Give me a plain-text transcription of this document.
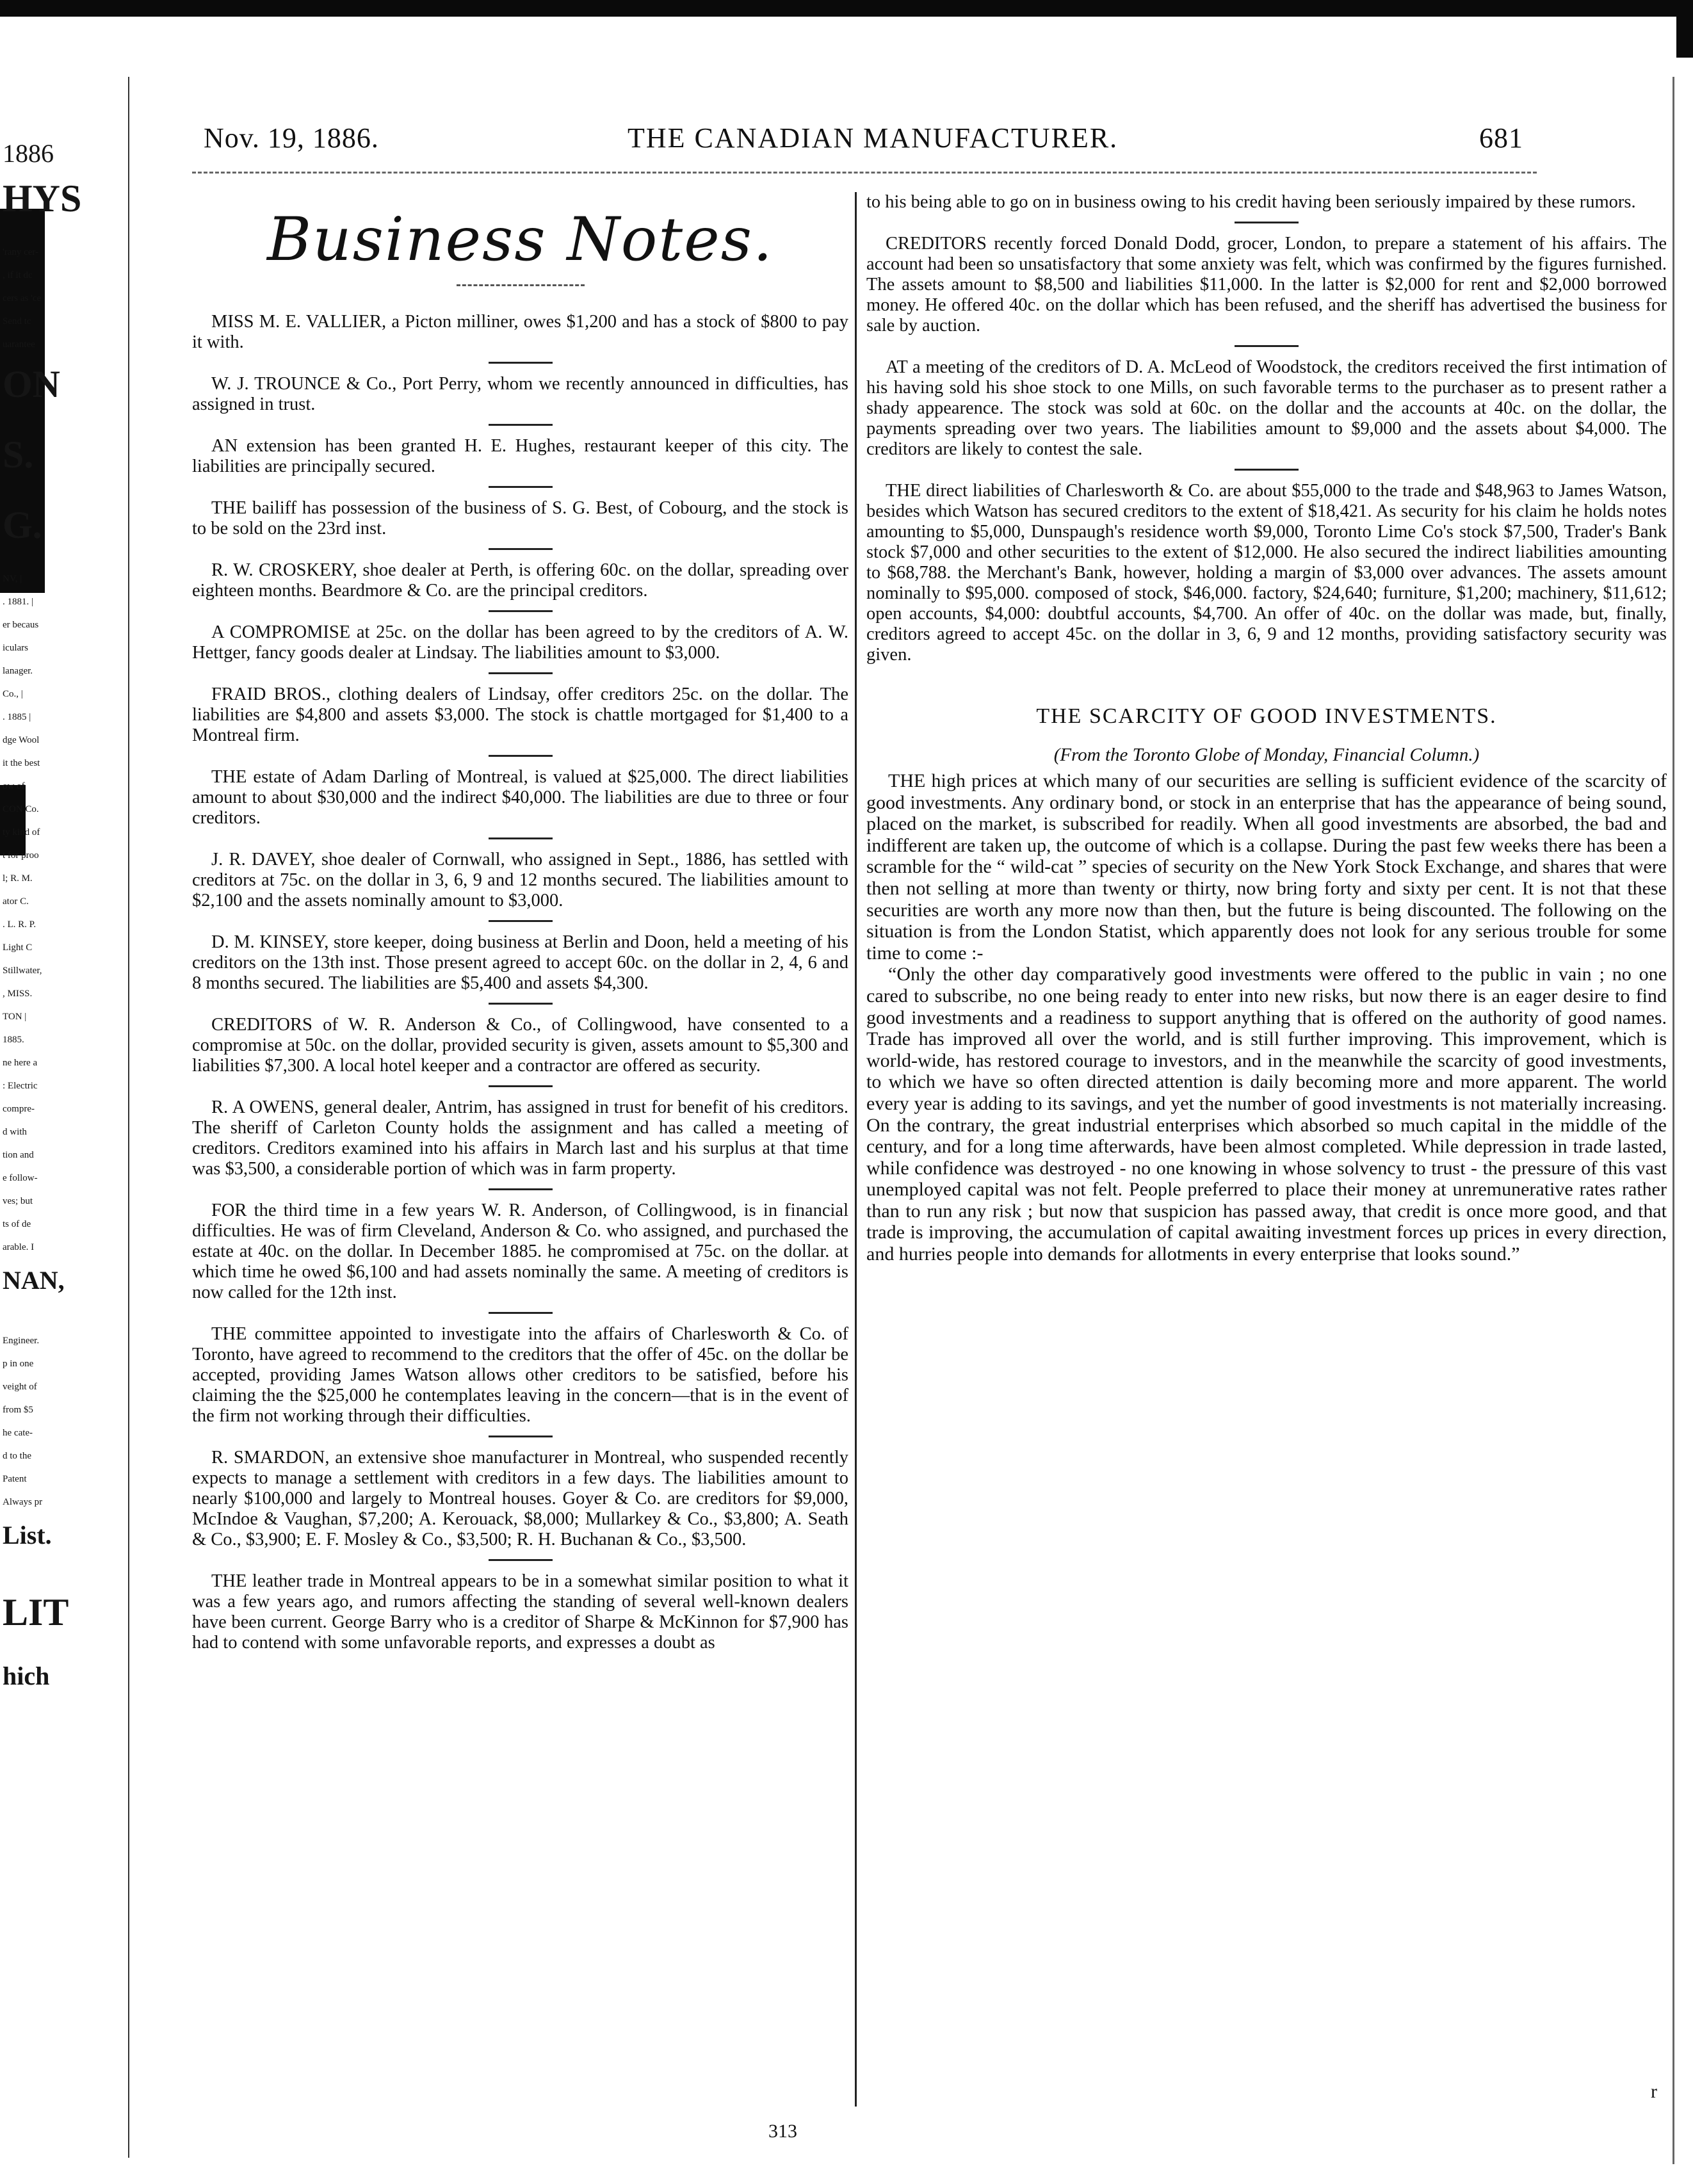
1886
HYS
'rany cer-
, if it dc
cers as 'ce
Send tc
uarantee
ON
S.
G.
NV, |
. 1881. |
er becaus
iculars
lanager.
Co., |
. 1885 |
dge Wool
it the best
ow of
CON Co.
ty kind of
t for proo
l; R. M.
ator C.
. L. R. P.
Light C
Stillwater,
, MISS.
TON |
1885.
ne here a
: Electric
compre-
d with
tion and
e follow-
ves; but
ts of de
arable. I
NAN,
Engineer.
p in one
veight of
from $5
he cate-
d to the
Patent
Always pr
List.
LIT
hich
Nov. 19, 1886.	THE CANADIAN MANUFACTURER.	681
Business Notes.

MISS M. E. VALLIER, a Picton milliner, owes $1,200 and has a stock of $800 to pay it with.

W. J. TROUNCE & Co., Port Perry, whom we recently announced in difficulties, has assigned in trust.

AN extension has been granted H. E. Hughes, restaurant keeper of this city. The liabilities are principally secured.

THE bailiff has possession of the business of S. G. Best, of Cobourg, and the stock is to be sold on the 23rd inst.

R. W. CROSKERY, shoe dealer at Perth, is offering 60c. on the dollar, spreading over eighteen months. Beardmore & Co. are the principal creditors.

A COMPROMISE at 25c. on the dollar has been agreed to by the creditors of A. W. Hettger, fancy goods dealer at Lindsay. The liabilities amount to $3,000.

FRAID BROS., clothing dealers of Lindsay, offer creditors 25c. on the dollar. The liabilities are $4,800 and assets $3,000. The stock is chattle mortgaged for $1,400 to a Montreal firm.

THE estate of Adam Darling of Montreal, is valued at $25,000. The direct liabilities amount to about $30,000 and the indirect $40,000. The liabilities are due to three or four creditors.

J. R. DAVEY, shoe dealer of Cornwall, who assigned in Sept., 1886, has settled with creditors at 75c. on the dollar in 3, 6, 9 and 12 months secured. The liabilities amount to $2,100 and the assets nominally amount to $3,000.

D. M. KINSEY, store keeper, doing business at Berlin and Doon, held a meeting of his creditors on the 13th inst. Those present agreed to accept 60c. on the dollar in 2, 4, 6 and 8 months secured. The liabilities are $5,400 and assets $4,300.

CREDITORS of W. R. Anderson & Co., of Collingwood, have consented to a compromise at 50c. on the dollar, provided security is given, assets amount to $5,300 and liabilities $7,300. A local hotel keeper and a contractor are offered as security.

R. A OWENS, general dealer, Antrim, has assigned in trust for benefit of his creditors. The sheriff of Carleton County holds the assignment and has called a meeting of creditors. Creditors examined into his affairs in March last and his surplus at that time was $3,500, a considerable portion of which was in farm property.

FOR the third time in a few years W. R. Anderson, of Collingwood, is in financial difficulties. He was of firm Cleveland, Anderson & Co. who assigned, and purchased the estate at 40c. on the dollar. In December 1885. he compromised at 75c. on the dollar. at which time he owed $6,100 and had assets nominally the same. A meeting of creditors is now called for the 12th inst.

THE committee appointed to investigate into the affairs of Charlesworth & Co. of Toronto, have agreed to recommend to the creditors that the offer of 45c. on the dollar be accepted, providing James Watson allows other creditors to be satisfied, before his claiming the the $25,000 he contemplates leaving in the concern—that is in the event of the firm not working through their difficulties.

R. SMARDON, an extensive shoe manufacturer in Montreal, who suspended recently expects to manage a settlement with creditors in a few days. The liabilities amount to nearly $100,000 and largely to Montreal houses. Goyer & Co. are creditors for $9,000, McIndoe & Vaughan, $7,200; A. Kerouack, $8,000; Mullarkey & Co., $3,800; A. Seath & Co., $3,900; E. F. Mosley & Co., $3,500; R. H. Buchanan & Co., $3,500.

THE leather trade in Montreal appears to be in a somewhat similar position to what it was a few years ago, and rumors affecting the standing of several well-known dealers have been current. George Barry who is a creditor of Sharpe & McKinnon for $7,900 has had to contend with some unfavorable reports, and expresses a doubt as

to his being able to go on in business owing to his credit having been seriously impaired by these rumors.

CREDITORS recently forced Donald Dodd, grocer, London, to prepare a statement of his affairs. The account had been so unsatisfactory that some anxiety was felt, which was confirmed by the figures furnished. The assets amount to $8,500 and liabilities $11,000. In the latter is $2,000 for rent and $2,000 borrowed money. He offered 40c. on the dollar which has been refused, and the sheriff has advertised the business for sale by auction.

AT a meeting of the creditors of D. A. McLeod of Woodstock, the creditors received the first intimation of his having sold his shoe stock to one Mills, on such favorable terms to the purchaser as to present rather a shady appearence. The stock was sold at 60c. on the dollar and the accounts at 40c. on the dollar, the payments spreading over two years. The liabilities amount to $9,000 and the assets about $4,000. The creditors are likely to contest the sale.

THE direct liabilities of Charlesworth & Co. are about $55,000 to the trade and $48,963 to James Watson, besides which Watson has secured creditors to the extent of $18,421. As security for his claim he holds notes amounting to $5,000, Dunspaugh's residence worth $9,000, Toronto Lime Co's stock $7,500, Trader's Bank stock $7,000 and other securities to the extent of $12,000. He also secured the indirect liabilities amounting to $68,788. the Merchant's Bank, however, holding a margin of $3,000 over advances. The assets amount nominally to $95,000. composed of stock, $46,000. factory, $24,640; furniture, $1,200; machinery, $11,612; open accounts, $4,000: doubtful accounts, $4,700. An offer of 40c. on the dollar was made, but, finally, creditors agreed to accept 45c. on the dollar in 3, 6, 9 and 12 months, providing satisfactory security was given.

THE SCARCITY OF GOOD INVESTMENTS.
(From the Toronto Globe of Monday, Financial Column.)

THE high prices at which many of our securities are selling is sufficient evidence of the scarcity of good investments. Any ordinary bond, or stock in an enterprise that has the appearance of being sound, placed on the market, is subscribed for readily. When all good investments are absorbed, the bad and indifferent are taken up, the outcome of which is a collapse. During the past few weeks there has been a scramble for the “ wild-cat ” species of security on the New York Stock Exchange, and shares that were then not selling at more than twenty or thirty, now bring forty and sixty per cent. It is not that these securities are worth any more now than then, but the future is being discounted. The following on the situation is from the London Statist, which apparently does not look for any serious trouble for some time to come :-

“Only the other day comparatively good investments were offered to the public in vain ; no one cared to subscribe, no one being ready to enter into new risks, but now there is an eager desire to find good investments and a readiness to support anything that is offered on the authority of good names. Trade has improved all over the world, and is still further improving. This improvement, which is world-wide, has restored courage to investors, and in the meanwhile the scarcity of good investments, to which we have so often directed attention is daily becoming more and more apparent. The world every year is adding to its savings, and yet the number of good investments is not materially increasing. On the contrary, the great industrial enterprises which absorbed so much capital in the middle of the century, and for a long time afterwards, have been almost completed. While depression in trade lasted, while confidence was destroyed - no one knowing in whose solvency to trust - the pressure of this vast unemployed capital was not felt. People preferred to place their money at unremunerative rates rather than to run any risk ; but now that suspicion has passed away, that credit is once more good, and that trade is improving, the accumulation of capital awaiting investment forces up prices in every direction, and hurries people into demands for allotments in every enterprise that looks sound.”

313
r
